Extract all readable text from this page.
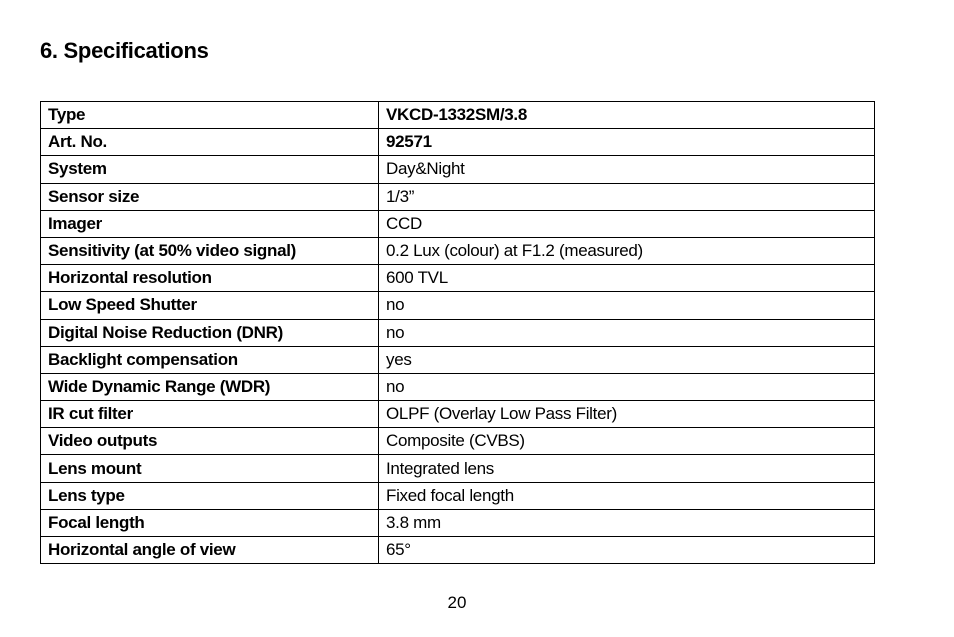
6. Specifications
Type	VKCD-1332SM/3.8
Art. No.	92571
System	Day&Night
Sensor size	1/3”
Imager	CCD
Sensitivity (at 50% video signal)	0.2 Lux (colour) at F1.2 (measured)
Horizontal resolution	600 TVL
Low Speed Shutter	no
Digital Noise Reduction (DNR)	no
Backlight compensation	yes
Wide Dynamic Range (WDR)	no
IR cut filter	OLPF (Overlay Low Pass Filter)
Video outputs	Composite (CVBS)
Lens mount	Integrated lens
Lens type	Fixed focal length
Focal length	3.8 mm
Horizontal angle of view	65°
20
